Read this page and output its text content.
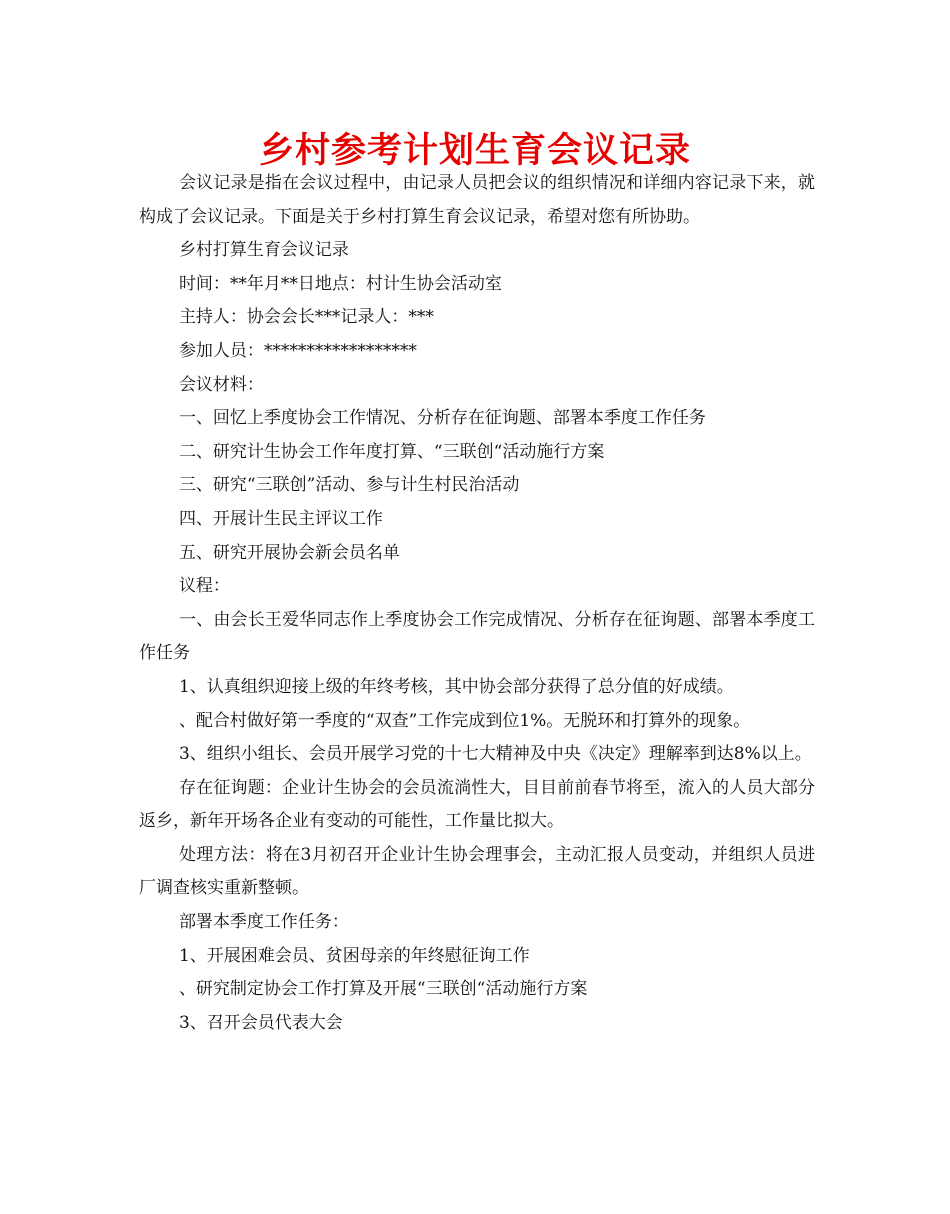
乡村参考计划生育会议记录

会议记录是指在会议过程中，由记录人员把会议的组织情况和详细内容记录下来，就构成了会议记录。下面是关于乡村打算生育会议记录，希望对您有所协助。

乡村打算生育会议记录

时间：**年月**日地点：村计生协会活动室

主持人：协会会长***记录人：***

参加人员：******************

会议材料：

一、回忆上季度协会工作情况、分析存在征询题、部署本季度工作任务

二、研究计生协会工作年度打算、“三联创“活动施行方案

三、研究“三联创”活动、参与计生村民治活动

四、开展计生民主评议工作

五、研究开展协会新会员名单

议程：

一、由会长王爱华同志作上季度协会工作完成情况、分析存在征询题、部署本季度工作任务

1、认真组织迎接上级的年终考核，其中协会部分获得了总分值的好成绩。

、配合村做好第一季度的“双查”工作完成到位1%。无脱环和打算外的现象。

3、组织小组长、会员开展学习党的十七大精神及中央《决定》理解率到达8%以上。

存在征询题：企业计生协会的会员流淌性大，目目前前春节将至，流入的人员大部分返乡，新年开场各企业有变动的可能性，工作量比拟大。

处理方法：将在3月初召开企业计生协会理事会，主动汇报人员变动，并组织人员进厂调查核实重新整顿。

部署本季度工作任务：

1、开展困难会员、贫困母亲的年终慰征询工作

、研究制定协会工作打算及开展“三联创“活动施行方案

3、召开会员代表大会
